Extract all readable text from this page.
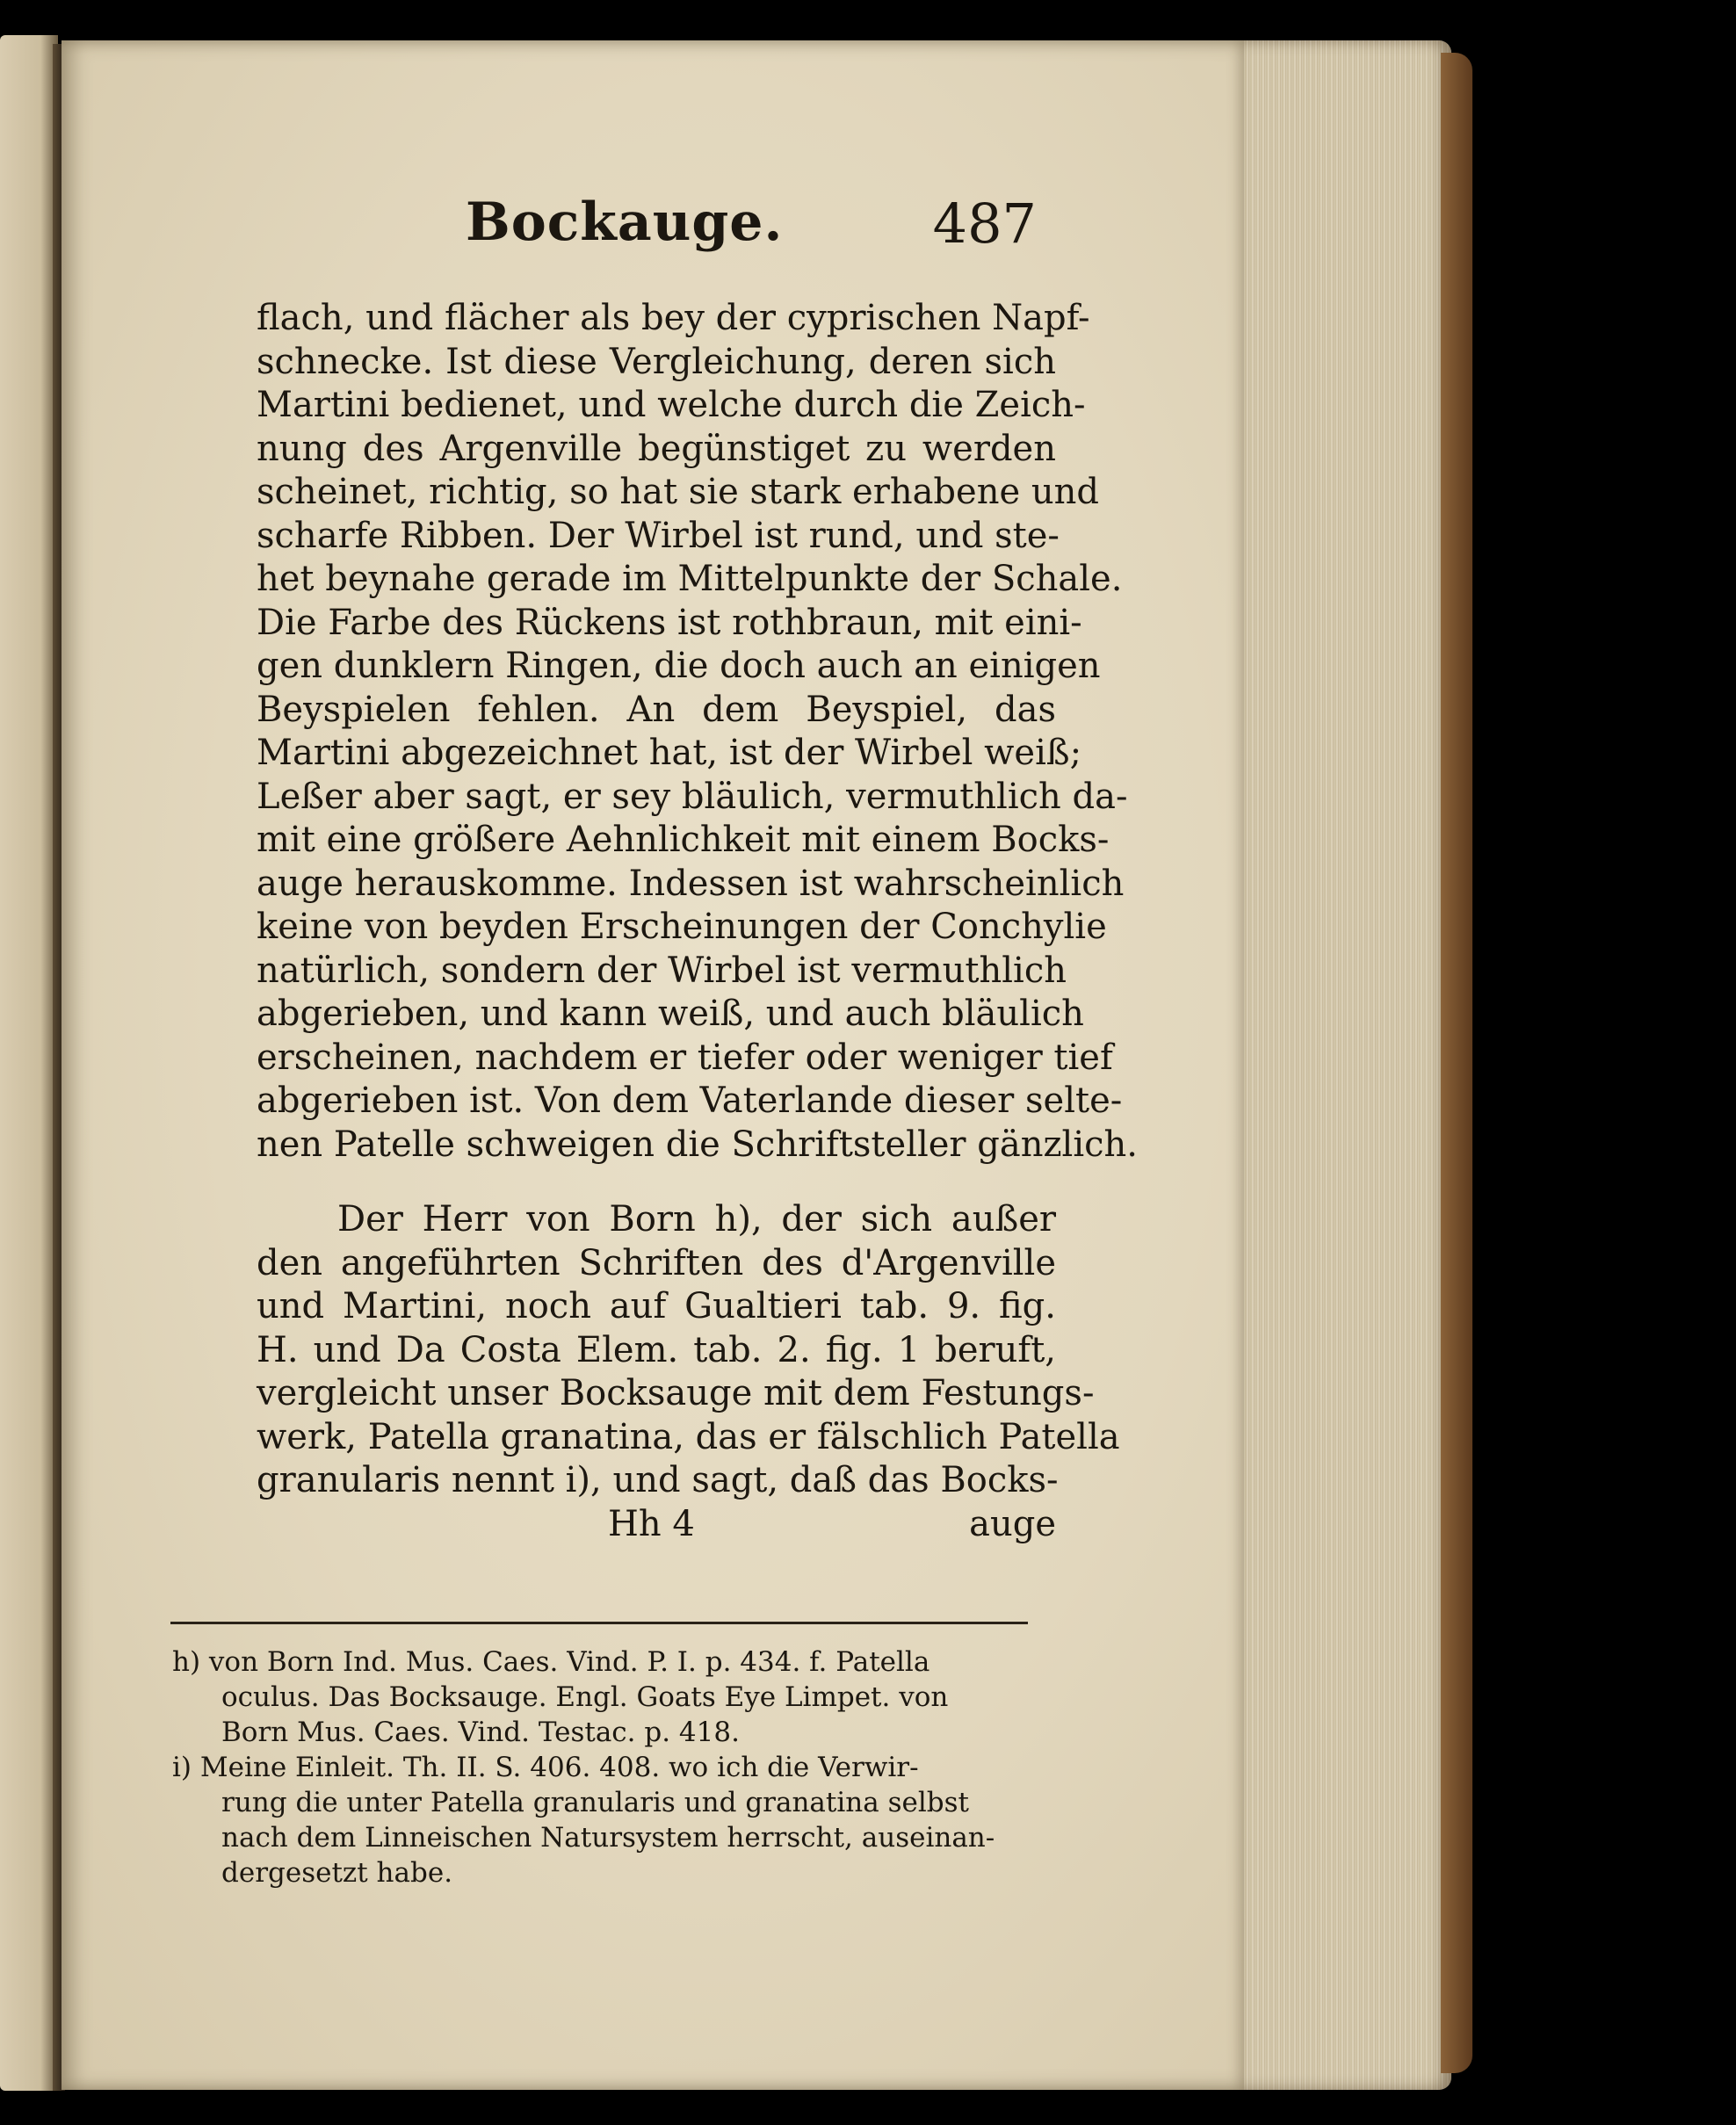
Bockauge.	487
flach, und flächer als bey der cyprischen Napf-
schnecke. Ist diese Vergleichung, deren sich
Martini bedienet, und welche durch die Zeich-
nung des Argenville begünstiget zu werden
scheinet, richtig, so hat sie stark erhabene und
scharfe Ribben. Der Wirbel ist rund, und ste-
het beynahe gerade im Mittelpunkte der Schale.
Die Farbe des Rückens ist rothbraun, mit eini-
gen dunklern Ringen, die doch auch an einigen
Beyspielen fehlen. An dem Beyspiel, das
Martini abgezeichnet hat, ist der Wirbel weiß;
Leßer aber sagt, er sey bläulich, vermuthlich da-
mit eine größere Aehnlichkeit mit einem Bocks-
auge herauskomme. Indessen ist wahrscheinlich
keine von beyden Erscheinungen der Conchylie
natürlich, sondern der Wirbel ist vermuthlich
abgerieben, und kann weiß, und auch bläulich
erscheinen, nachdem er tiefer oder weniger tief
abgerieben ist. Von dem Vaterlande dieser selte-
nen Patelle schweigen die Schriftsteller gänzlich.
Der Herr von Born h), der sich außer
den angeführten Schriften des d'Argenville
und Martini, noch auf Gualtieri tab. 9. fig.
H. und Da Costa Elem. tab. 2. fig. 1 beruft,
vergleicht unser Bocksauge mit dem Festungs-
werk, Patella granatina, das er fälschlich Patella
granularis nennt i), und sagt, daß das Bocks-
Hh 4	auge
h) von Born Ind. Mus. Caes. Vind. P. I. p. 434. f. Patella
oculus. Das Bocksauge. Engl. Goats Eye Limpet. von
Born Mus. Caes. Vind. Testac. p. 418.
i) Meine Einleit. Th. II. S. 406. 408. wo ich die Verwir-
rung die unter Patella granularis und granatina selbst
nach dem Linneischen Natursystem herrscht, auseinan-
dergesetzt habe.
